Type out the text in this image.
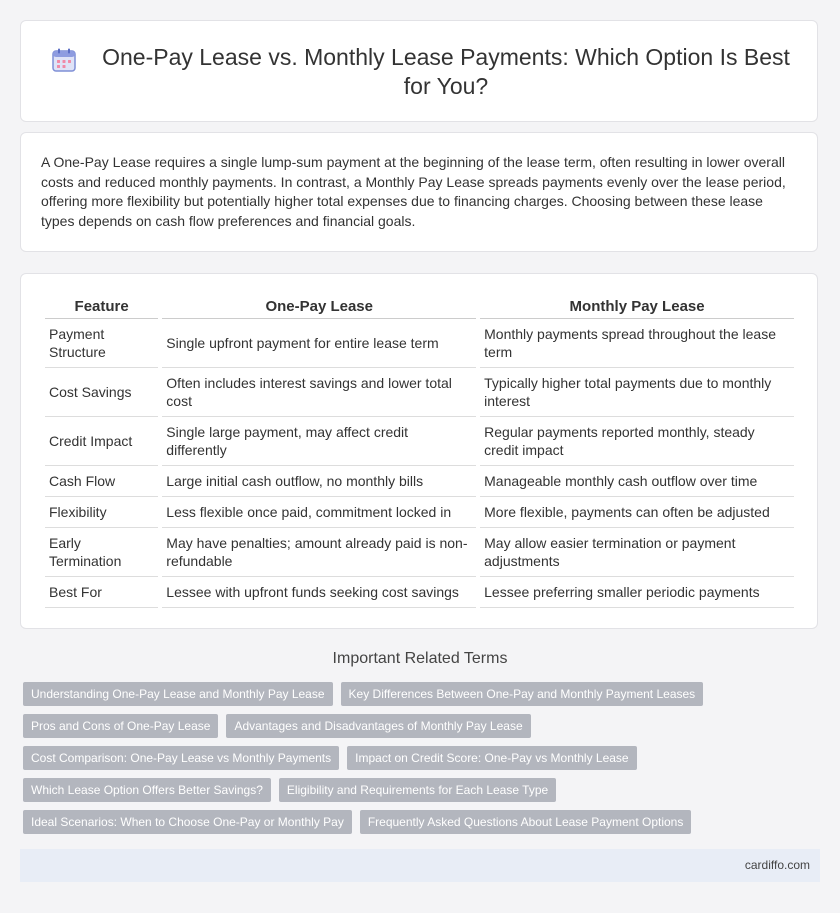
One-Pay Lease vs. Monthly Lease Payments: Which Option Is Best for You?
A One-Pay Lease requires a single lump-sum payment at the beginning of the lease term, often resulting in lower overall costs and reduced monthly payments. In contrast, a Monthly Pay Lease spreads payments evenly over the lease period, offering more flexibility but potentially higher total expenses due to financing charges. Choosing between these lease types depends on cash flow preferences and financial goals.
Feature	One-Pay Lease	Monthly Pay Lease
Payment Structure	Single upfront payment for entire lease term	Monthly payments spread throughout the lease term
Cost Savings	Often includes interest savings and lower total cost	Typically higher total payments due to monthly interest
Credit Impact	Single large payment, may affect credit differently	Regular payments reported monthly, steady credit impact
Cash Flow	Large initial cash outflow, no monthly bills	Manageable monthly cash outflow over time
Flexibility	Less flexible once paid, commitment locked in	More flexible, payments can often be adjusted
Early Termination	May have penalties; amount already paid is non-refundable	May allow easier termination or payment adjustments
Best For	Lessee with upfront funds seeking cost savings	Lessee preferring smaller periodic payments
Important Related Terms
Understanding One-Pay Lease and Monthly Pay Lease	Key Differences Between One-Pay and Monthly Payment Leases
Pros and Cons of One-Pay Lease	Advantages and Disadvantages of Monthly Pay Lease
Cost Comparison: One-Pay Lease vs Monthly Payments	Impact on Credit Score: One-Pay vs Monthly Lease
Which Lease Option Offers Better Savings?	Eligibility and Requirements for Each Lease Type
Ideal Scenarios: When to Choose One-Pay or Monthly Pay	Frequently Asked Questions About Lease Payment Options
cardiffo.com
